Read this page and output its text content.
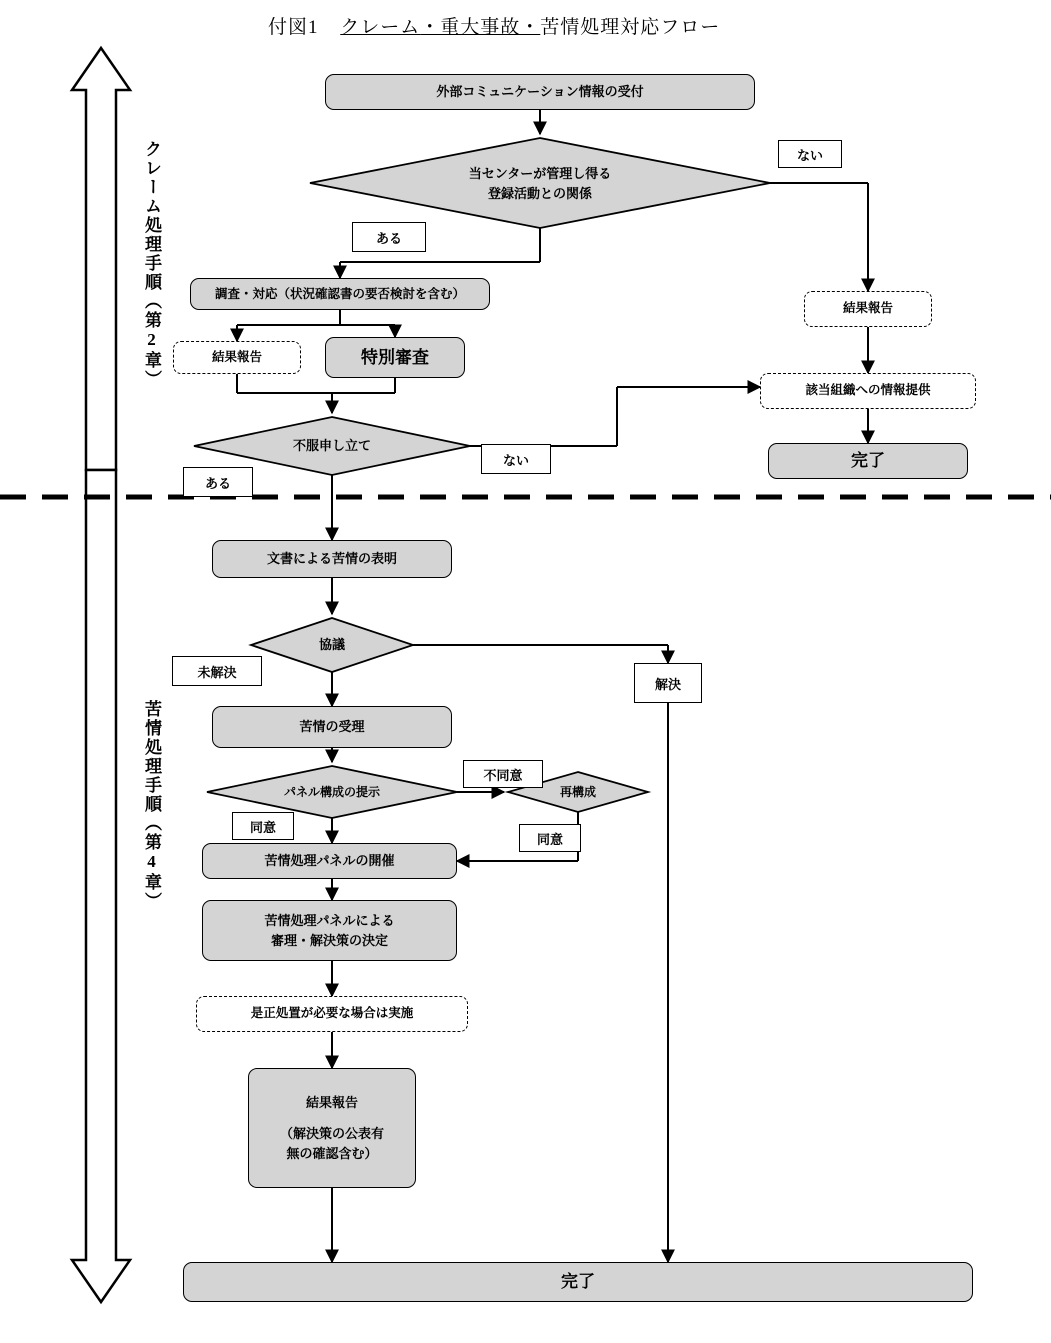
付図1 クレーム・重大事故・苦情処理対応フロー
クレーム処理手順（第2章）
苦情処理手順（第4章）
外部コミュニケーション情報の受付
当センターが管理し得る
登録活動との関係
ない
ある
調査・対応（状況確認書の要否検討を含む）
結果報告	特別審査
不服申し立て
ある
ない
結果報告
該当組織への情報提供
完了
文書による苦情の表明
協議
未解決
解決
苦情の受理
パネル構成の提示	再構成
不同意
同意
同意
苦情処理パネルの開催
苦情処理パネルによる
審理・解決策の決定
是正処置が必要な場合は実施
結果報告
（解決策の公表有
無の確認含む）
完了
